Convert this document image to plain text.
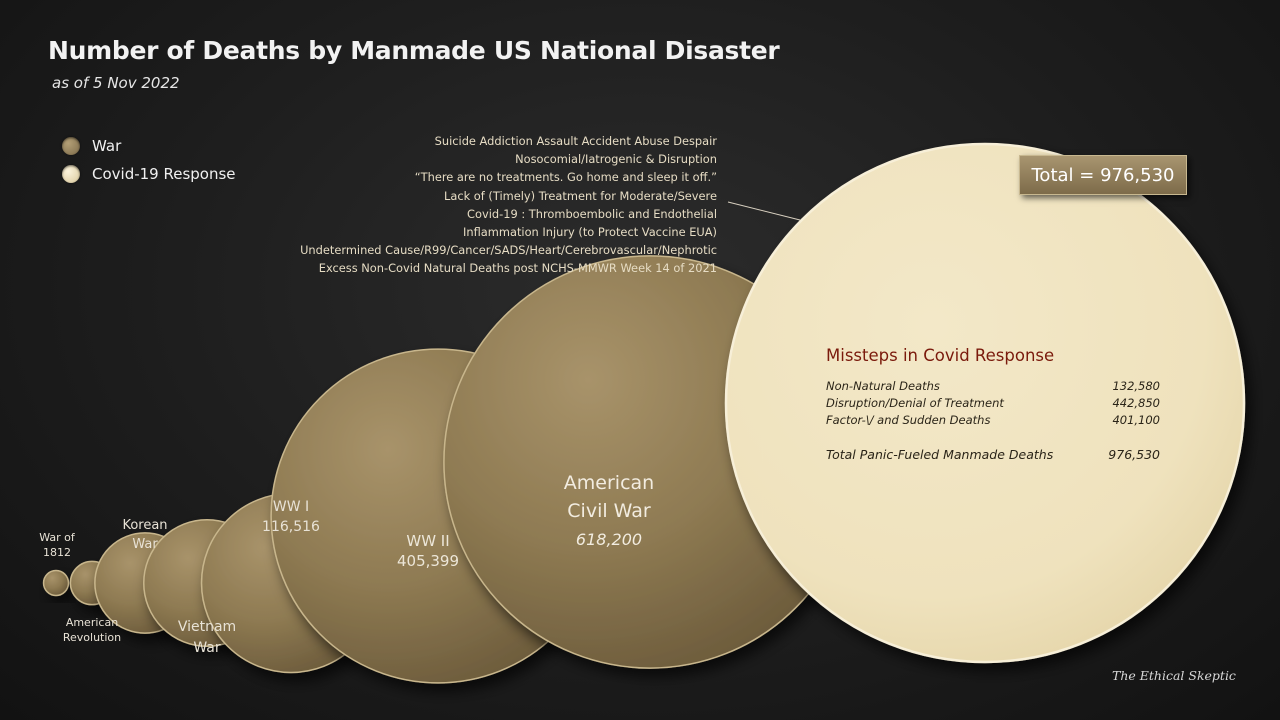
War of 1812
American Revolution
Korean War
Vietnam War
WW I 116,516
WW II 405,399
American Civil War 618,200
Number of Deaths by Manmade US National Disaster
as of 5 Nov 2022
War
Covid-19 Response
Suicide Addiction Assault Accident Abuse Despair
Nosocomial/Iatrogenic & Disruption
“There are no treatments. Go home and sleep it off.”
Lack of (Timely) Treatment for Moderate/Severe
Covid-19 : Thromboembolic and Endothelial
Inflammation Injury (to Protect Vaccine EUA)
Undetermined Cause/R99/Cancer/SADS/Heart/Cerebrovascular/Nephrotic
Excess Non-Covid Natural Deaths post NCHS-MMWR Week 14 of 2021
Total = 976,530
Missteps in Covid Response
Non-Natural Deaths	132,580
Disruption/Denial of Treatment	442,850
Factor-\/ and Sudden Deaths	401,100
Total Panic-Fueled Manmade Deaths	976,530
The Ethical Skeptic
